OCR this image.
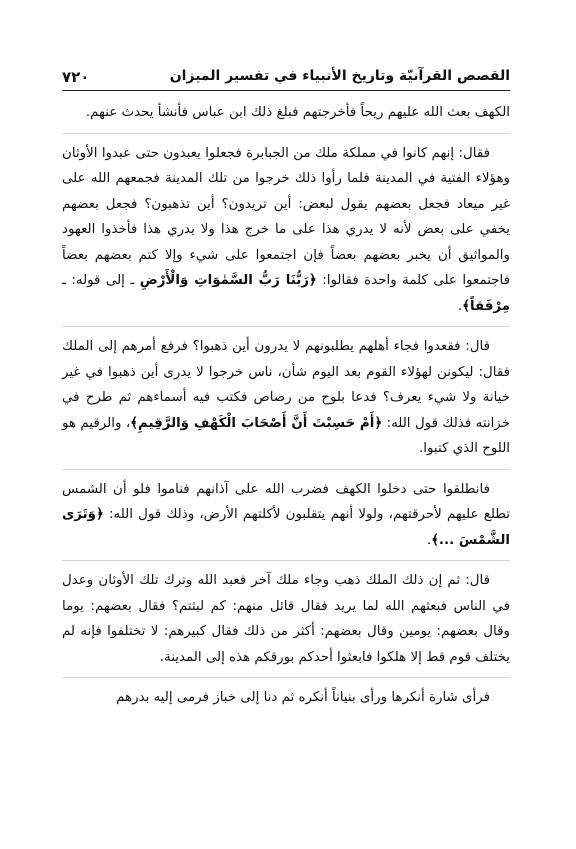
القصص القرآنيّة وتاريخ الأنبياء في تفسير الميزان
٧٢٠

الكهف بعث الله عليهم ريحاً فأخرجتهم فبلغ ذلك ابن عباس فأنشأ يحدث عنهم.

فقال: إنهم كانوا في مملكة ملك من الجبابرة فجعلوا يعبدون حتى عبدوا الأوثان وهؤلاء الفتية في المدينة فلما رأوا ذلك خرجوا من تلك المدينة فجمعهم الله على غير ميعاد فجعل بعضهم يقول لبعض: أين تريدون؟ أين تذهبون؟ فجعل بعضهم يخفي على بعض لأنه لا يدري هذا على ما خرج هذا ولا يدري هذا فأخذوا العهود والمواثيق أن يخبر بعضهم بعضاً فإن اجتمعوا على شيء وإلا كتم بعضهم بعضاً فاجتمعوا على كلمة واحدة فقالوا: ﴿رَبُّنَا رَبُّ السَّمٰوَاتِ وَالْأَرْضِ ـ إلى قوله: ـ مِرْفَقاً﴾.

قال: فقعدوا فجاء أهلهم يطلبونهم لا يدرون أين ذهبوا؟ فرفع أمرهم إلى الملك فقال: ليكونن لهؤلاء القوم بعد اليوم شأن، ناس خرجوا لا يدرى أين ذهبوا في غير خيانة ولا شيء يعرف؟ فدعا بلوح من رصاص فكتب فيه أسماءهم ثم طرح في خزانته فذلك قول الله: ﴿أَمْ حَسِبْتَ أَنَّ أَصْحَابَ الْكَهْفِ وَالرَّقِيمِ﴾، والرقيم هو اللوح الذي كتبوا.

فانطلقوا حتى دخلوا الكهف فضرب الله على آذانهم فناموا فلو أن الشمس تطلع عليهم لأحرقتهم، ولولا أنهم يتقلبون لأكلتهم الأرض، وذلك قول الله: ﴿وَتَرَى الشَّمْسَ ...﴾.

قال: ثم إن ذلك الملك ذهب وجاء ملك آخر فعبد الله وترك تلك الأوثان وعدل في الناس فبعثهم الله لما يريد فقال قائل منهم: كم لبثتم؟ فقال بعضهم: يوما وقال بعضهم: يومين وقال بعضهم: أكثر من ذلك فقال كبيرهم: لا تختلفوا فإنه لم يختلف قوم قط إلا هلكوا فابعثوا أحدكم بورقكم هذه إلى المدينة.

فرأى شارة أنكرها ورأى بنياناً أنكره ثم دنا إلى خباز فرمى إليه بدرهم
